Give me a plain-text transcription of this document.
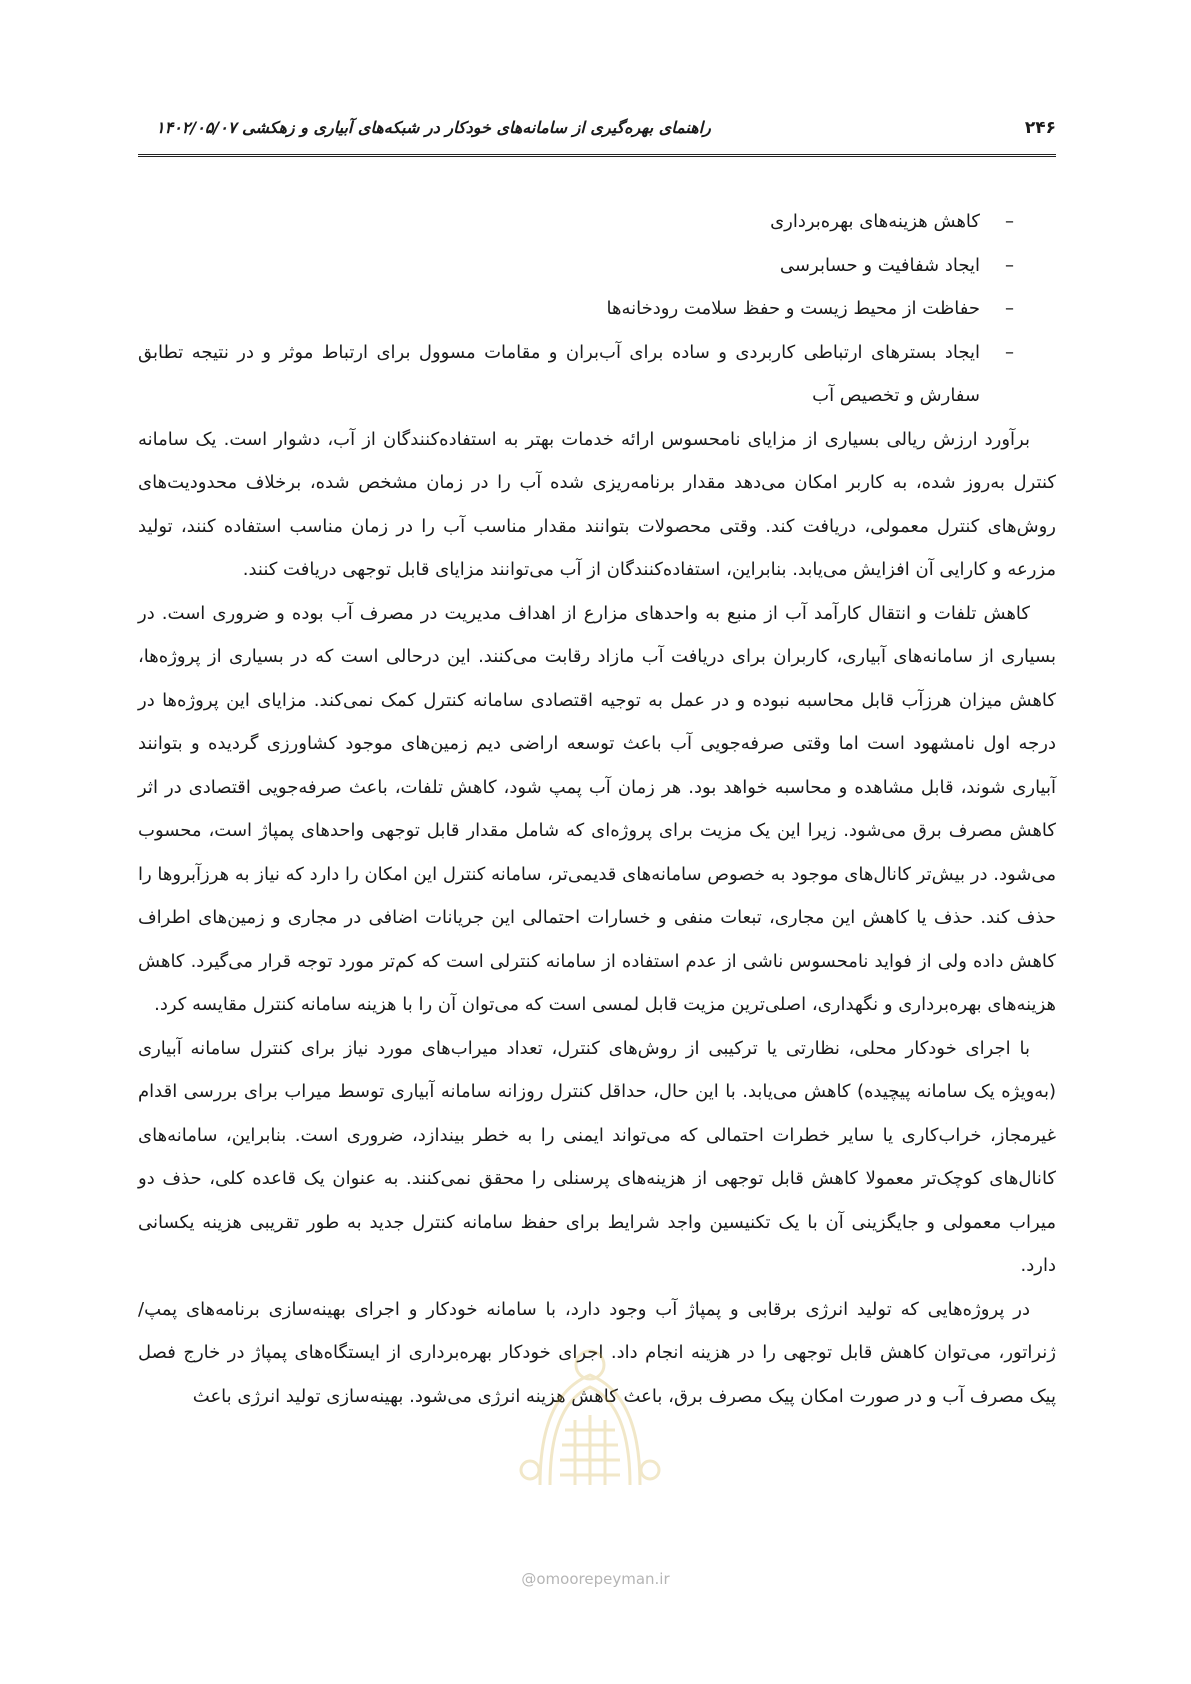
۲۴۶
راهنمای بهره‌گیری از سامانه‌های خودکار در شبکه‌های آبیاری و زهکشی ۱۴۰۲/۰۵/۰۷
–
کاهش هزینه‌های بهره‌برداری
–
ایجاد شفافیت و حسابرسی
–
حفاظت از محیط زیست و حفظ سلامت رودخانه‌ها
–
ایجاد بسترهای ارتباطی کاربردی و ساده برای آب‌بران و مقامات مسوول برای ارتباط موثر و در نتیجه تطابق سفارش و تخصیص آب

برآورد ارزش ریالی بسیاری از مزایای نامحسوس ارائه خدمات بهتر به استفاده‌کنندگان از آب، دشوار است. یک سامانه کنترل به‌روز شده، به کاربر امکان می‌دهد مقدار برنامه‌ریزی شده آب را در زمان مشخص شده، برخلاف محدودیت‌های روش‌های کنترل معمولی، دریافت کند. وقتی محصولات بتوانند مقدار مناسب آب را در زمان مناسب استفاده کنند، تولید مزرعه و کارایی آن افزایش می‌یابد. بنابراین، استفاده‌کنندگان از آب می‌توانند مزایای قابل توجهی دریافت کنند.

کاهش تلفات و انتقال کارآمد آب از منبع به واحدهای مزارع از اهداف مدیریت در مصرف آب بوده و ضروری است. در بسیاری از سامانه‌های آبیاری، کاربران برای دریافت آب مازاد رقابت می‌کنند. این درحالی است که در بسیاری از پروژه‌ها، کاهش میزان هرزآب قابل محاسبه نبوده و در عمل به توجیه اقتصادی سامانه کنترل کمک نمی‌کند. مزایای این پروژه‌ها در درجه اول نامشهود است اما وقتی صرفه‌جویی آب باعث توسعه اراضی دیم زمین‌های موجود کشاورزی گردیده و بتوانند آبیاری شوند، قابل مشاهده و محاسبه خواهد بود. هر زمان آب پمپ شود، کاهش تلفات، باعث صرفه‌جویی اقتصادی در اثر کاهش مصرف برق می‌شود. زیرا این یک مزیت برای پروژه‌ای که شامل مقدار قابل توجهی واحدهای پمپاژ است، محسوب می‌شود. در بیش‌تر کانال‌های موجود به خصوص سامانه‌های قدیمی‌تر، سامانه کنترل این امکان را دارد که نیاز به هرزآبروها را حذف کند. حذف یا کاهش این مجاری، تبعات منفی و خسارات احتمالی این جریانات اضافی در مجاری و زمین‌های اطراف کاهش داده ولی از فواید نامحسوس ناشی از عدم استفاده از سامانه کنترلی است که کم‌تر مورد توجه قرار می‌گیرد. کاهش هزینه‌های بهره‌برداری و نگهداری، اصلی‌ترین مزیت قابل لمسی است که می‌توان آن را با هزینه سامانه کنترل مقایسه کرد.

با اجرای خودکار محلی، نظارتی یا ترکیبی از روش‌های کنترل، تعداد میراب‌های مورد نیاز برای کنترل سامانه آبیاری (به‌ویژه یک سامانه پیچیده) کاهش می‌یابد. با این حال، حداقل کنترل روزانه سامانه آبیاری توسط میراب برای بررسی اقدام غیرمجاز، خراب‌کاری یا سایر خطرات احتمالی که می‌تواند ایمنی را به خطر بیندازد، ضروری است. بنابراین، سامانه‌های کانال‌های کوچک‌تر معمولا کاهش قابل توجهی از هزینه‌های پرسنلی را محقق نمی‌کنند. به عنوان یک قاعده کلی، حذف دو میراب معمولی و جایگزینی آن با یک تکنیسین واجد شرایط برای حفظ سامانه کنترل جدید به طور تقریبی هزینه یکسانی دارد.

در پروژه‌هایی که تولید انرژی برقابی و پمپاژ آب وجود دارد، با سامانه خودکار و اجرای بهینه‌سازی برنامه‌های پمپ/ ژنراتور، می‌توان کاهش قابل توجهی را در هزینه انجام داد. اجرای خودکار بهره‌برداری از ایستگاه‌های پمپاژ در خارج فصل پیک مصرف آب و در صورت امکان پیک مصرف برق، باعث کاهش هزینه انرژی می‌شود. بهینه‌سازی تولید انرژی باعث

@omoorepeyman.ir
